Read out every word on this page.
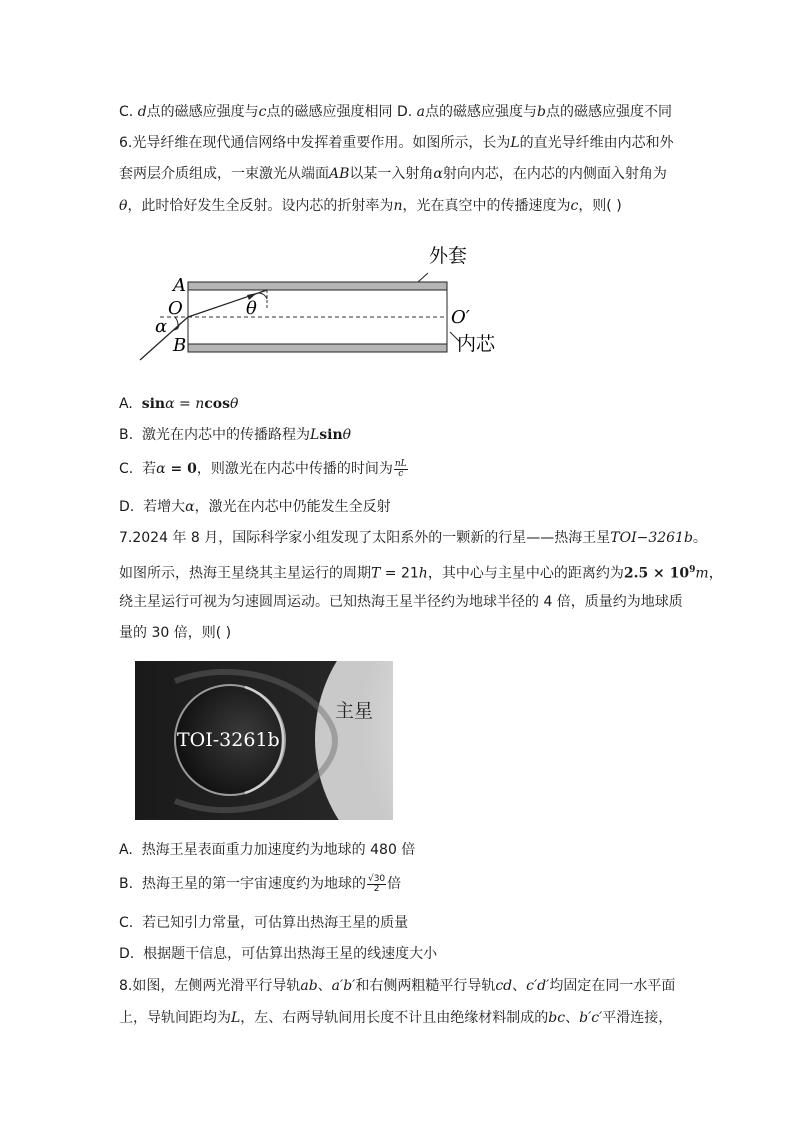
C. d点的磁感应强度与c点的磁感应强度相同 D. a点的磁感应强度与b点的磁感应强度不同
6.光导纤维在现代通信网络中发挥着重要作用。如图所示，长为L的直光导纤维由内芯和外
套两层介质组成，一束激光从端面AB以某一入射角α射向内芯，在内芯的内侧面入射角为
θ，此时恰好发生全反射。设内芯的折射率为n，光在真空中的传播速度为c，则( )
外套
内芯
A
O
α
B
θ	O′
A. sinα = ncosθ
B. 激光在内芯中的传播路程为Lsinθ
C. 若α = 0，则激光在内芯中传播的时间为 $\frac{nL}{c}$
D. 若增大α，激光在内芯中仍能发生全反射
7.2024 年 8 月，国际科学家小组发现了太阳系外的一颗新的行星——热海王星TOI−3261b。
如图所示，热海王星绕其主星运行的周期T = 21h，其中心与主星中心的距离约为$2.5 \times 10^9m$，
绕主星运行可视为匀速圆周运动。已知热海王星半径约为地球半径的 4 倍，质量约为地球质
量的 30 倍，则( )
TOI-3261b
主星
A. 热海王星表面重力加速度约为地球的 480 倍
B. 热海王星的第一宇宙速度约为地球的 $\frac{√30}{2}$ 倍
C. 若已知引力常量，可估算出热海王星的质量
D. 根据题干信息，可估算出热海王星的线速度大小
8.如图，左侧两光滑平行导轨ab、a′b′和右侧两粗糙平行导轨cd、c′d′均固定在同一水平面
上，导轨间距均为L，左、右两导轨间用长度不计且由绝缘材料制成的bc、b′c′平滑连接，
